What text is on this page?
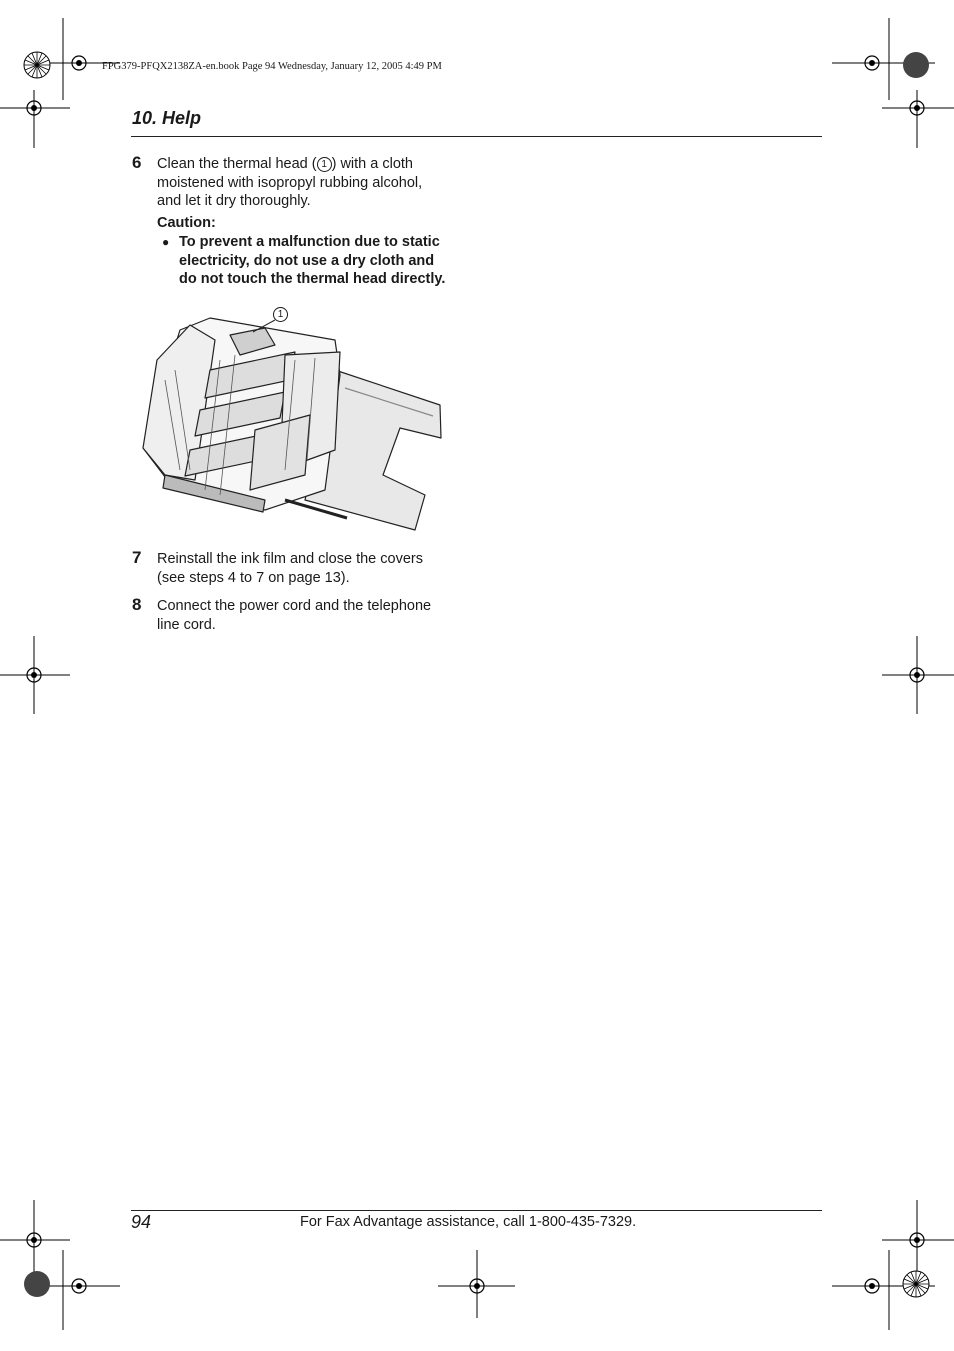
FPG379-PFQX2138ZA-en.book Page 94 Wednesday, January 12, 2005 4:49 PM
10. Help
6 Clean the thermal head ( 1 ) with a cloth
moistened with isopropyl rubbing alcohol,
and let it dry thoroughly.
Caution:
● To prevent a malfunction due to static
electricity, do not use a dry cloth and
do not touch the thermal head directly.
1
7 Reinstall the ink film and close the covers
(see steps 4 to 7 on page 13).
8 Connect the power cord and the telephone
line cord.
94	For Fax Advantage assistance, call 1-800-435-7329.
